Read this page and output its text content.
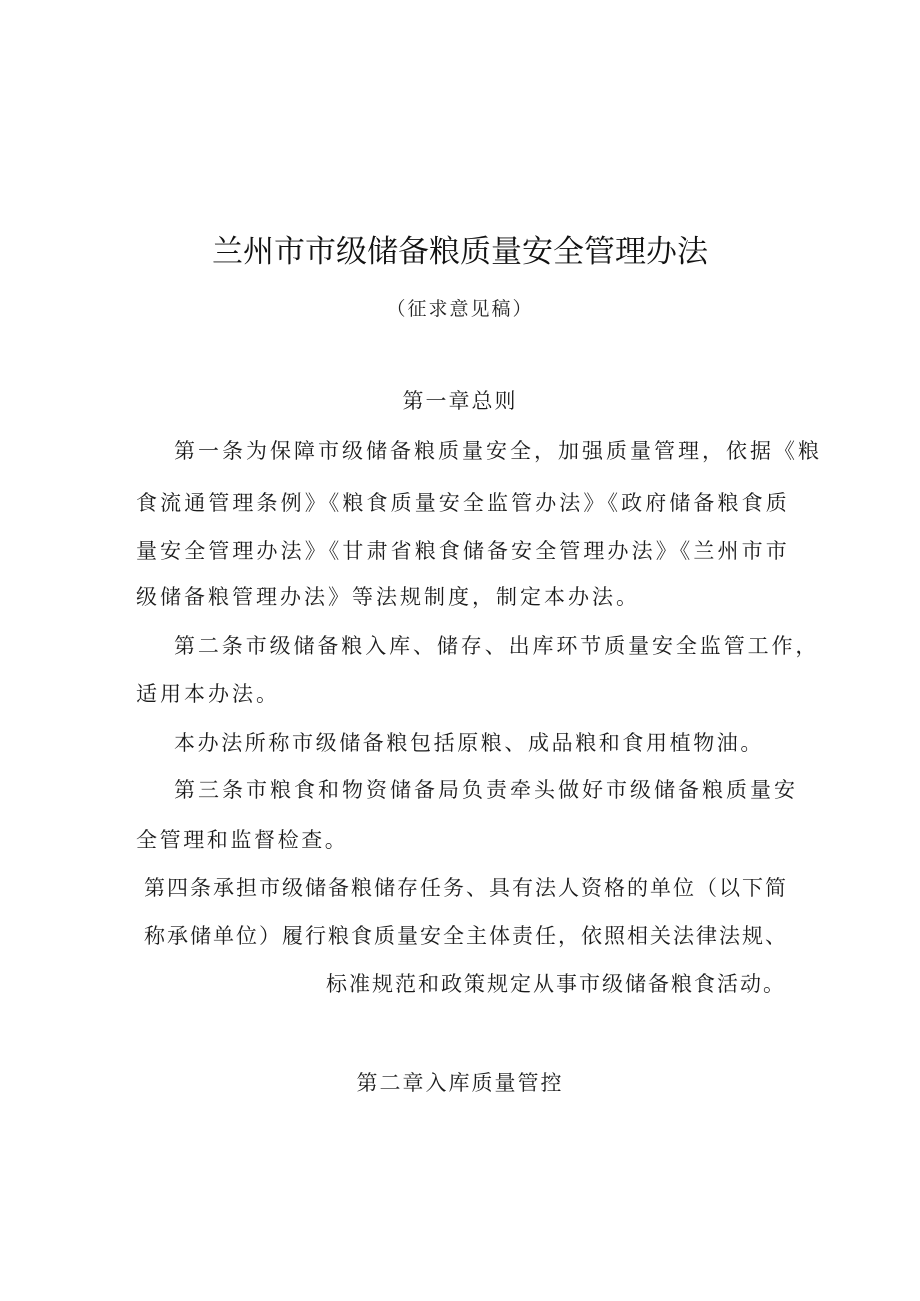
兰州市市级储备粮质量安全管理办法
（征求意见稿）
第一章总则
第一条为保障市级储备粮质量安全，加强质量管理，依据《粮
食流通管理条例》《粮食质量安全监管办法》《政府储备粮食质
量安全管理办法》《甘肃省粮食储备安全管理办法》《兰州市市
级储备粮管理办法》等法规制度，制定本办法。
第二条市级储备粮入库、储存、出库环节质量安全监管工作，
适用本办法。
本办法所称市级储备粮包括原粮、成品粮和食用植物油。
第三条市粮食和物资储备局负责牵头做好市级储备粮质量安
全管理和监督检查。
第四条承担市级储备粮储存任务、具有法人资格的单位（以下简
称承储单位）履行粮食质量安全主体责任，依照相关法律法规、
标准规范和政策规定从事市级储备粮食活动。
第二章入库质量管控
